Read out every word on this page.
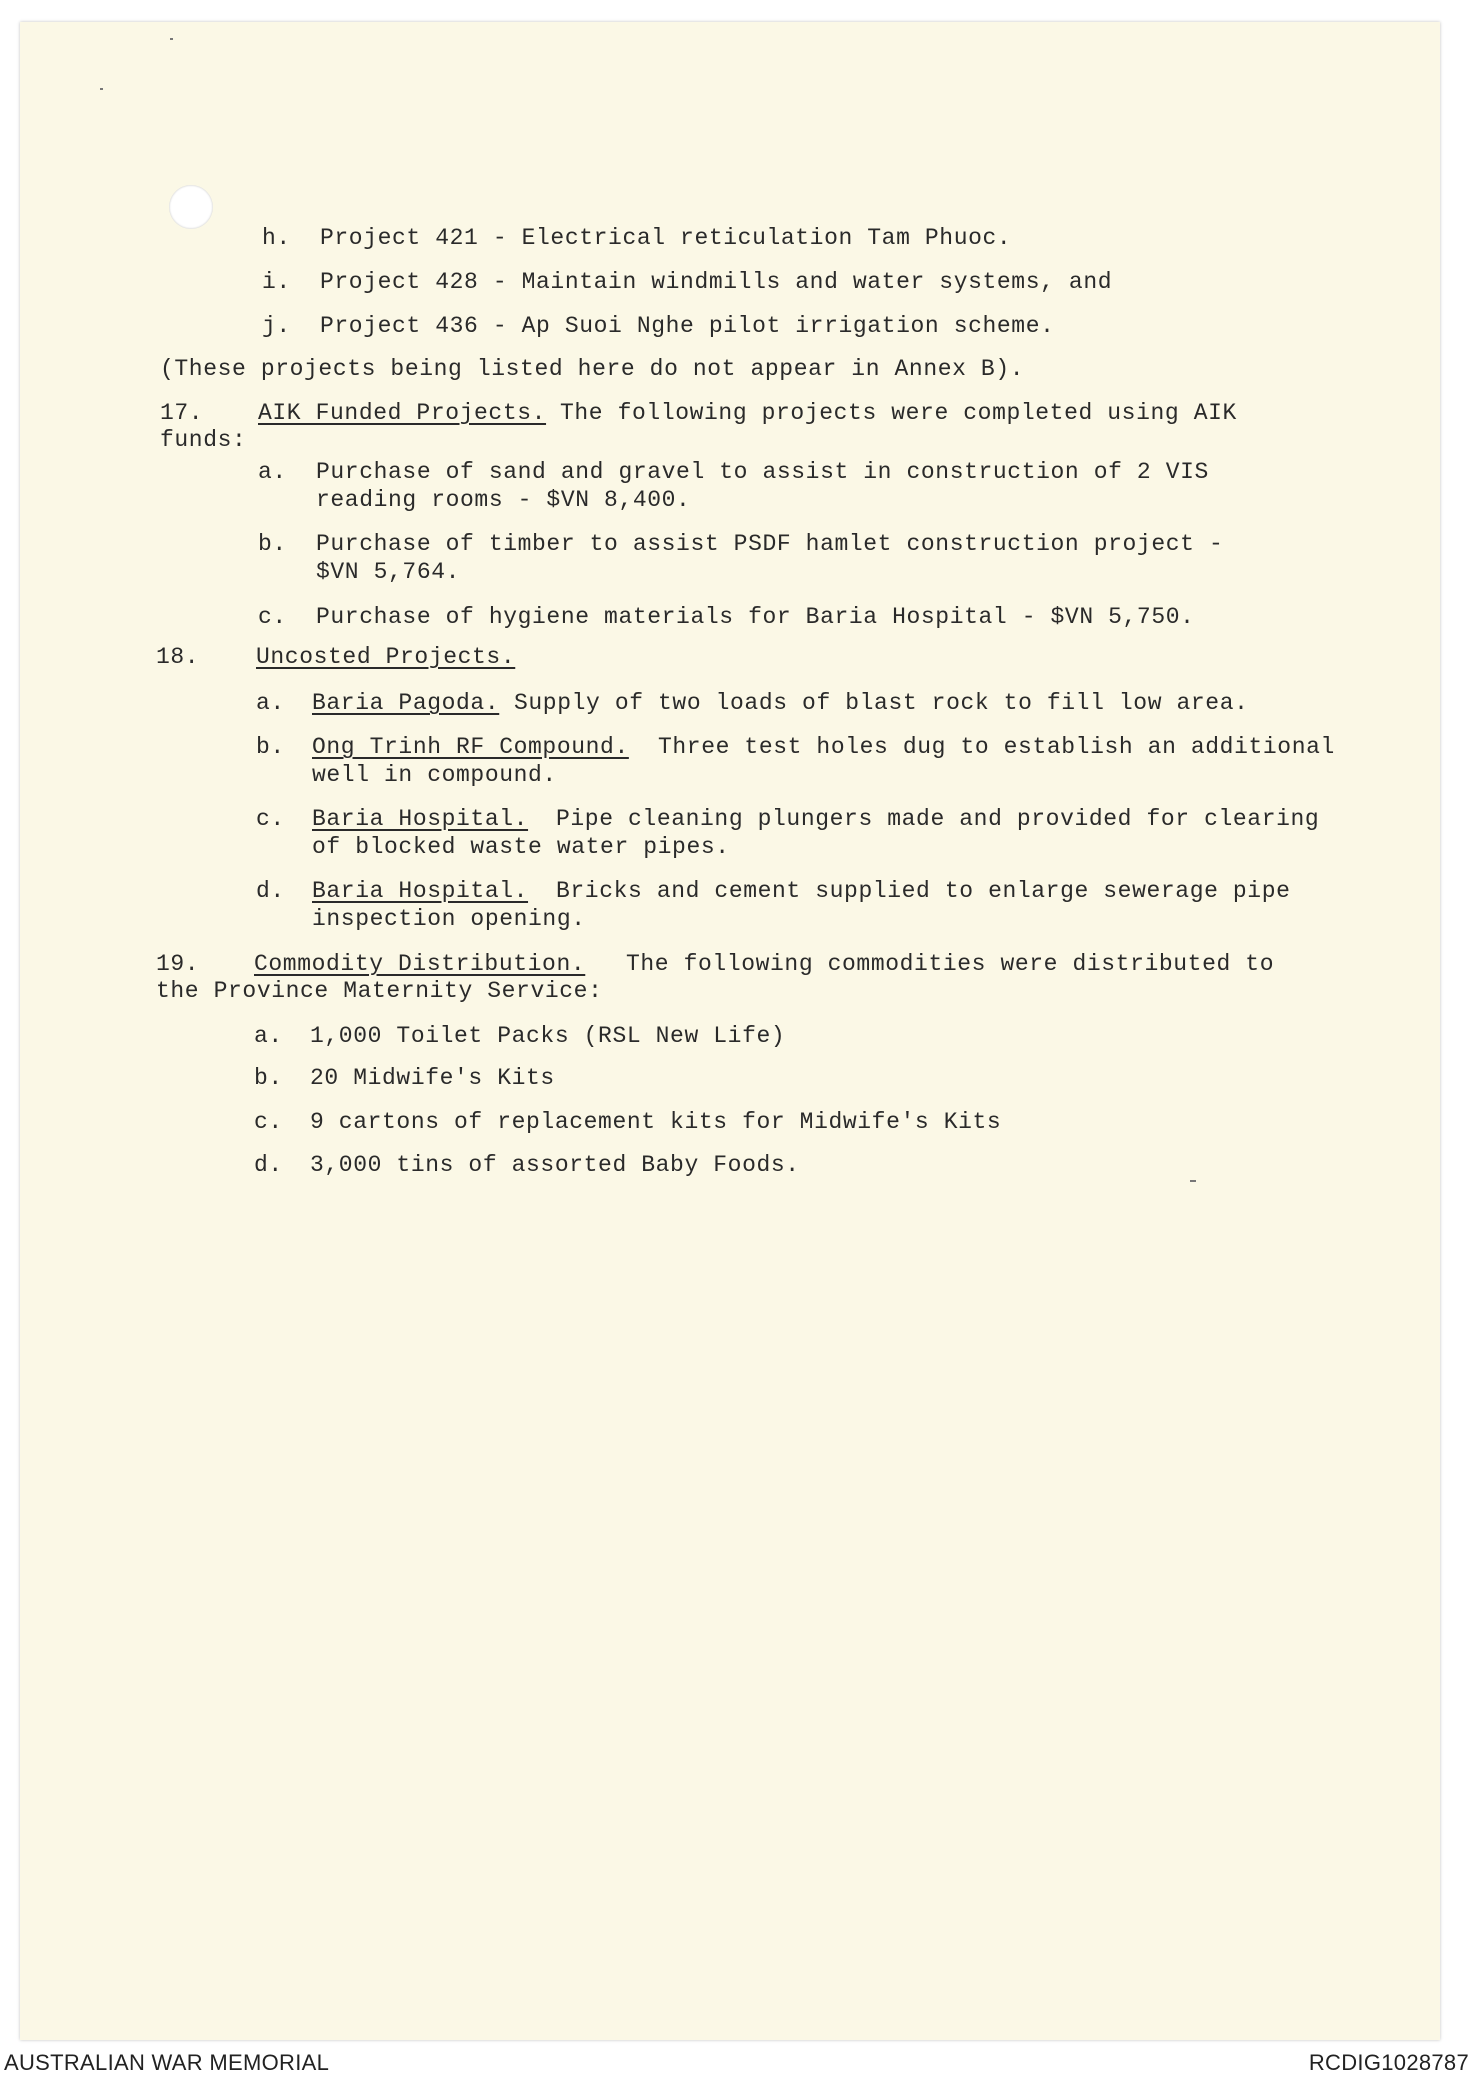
h. Project 421 - Electrical reticulation Tam Phuoc.
i. Project 428 - Maintain windmills and water systems, and
j. Project 436 - Ap Suoi Nghe pilot irrigation scheme.
(These projects being listed here do not appear in Annex B).
17. AIK Funded Projects. The following projects were completed using AIK
funds:
a. Purchase of sand and gravel to assist in construction of 2 VIS
reading rooms - $VN 8,400.
b. Purchase of timber to assist PSDF hamlet construction project -
$VN 5,764.
c. Purchase of hygiene materials for Baria Hospital - $VN 5,750.
18. Uncosted Projects.
a. Baria Pagoda. Supply of two loads of blast rock to fill low area.
b. Ong Trinh RF Compound. Three test holes dug to establish an additional
well in compound.
c. Baria Hospital. Pipe cleaning plungers made and provided for clearing
of blocked waste water pipes.
d. Baria Hospital. Bricks and cement supplied to enlarge sewerage pipe
inspection opening.
19. Commodity Distribution. The following commodities were distributed to
the Province Maternity Service:
a. 1,000 Toilet Packs (RSL New Life)
b. 20 Midwife's Kits
c. 9 cartons of replacement kits for Midwife's Kits
d. 3,000 tins of assorted Baby Foods.
AUSTRALIAN WAR MEMORIAL	RCDIG1028787
